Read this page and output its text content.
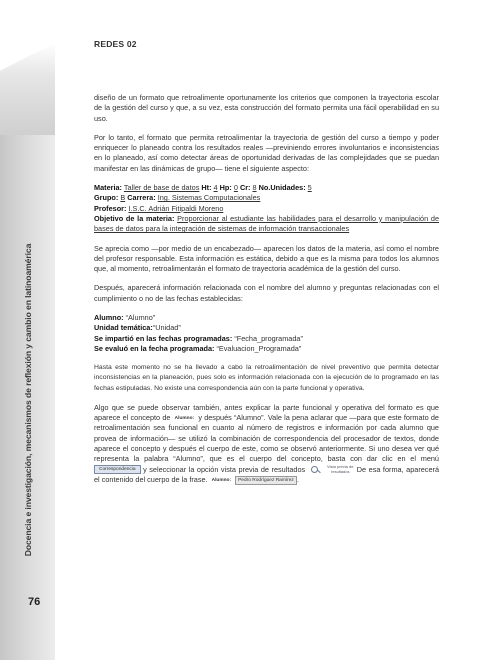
Docencia e investigación, mecanismos de reflexión y cambio en latinoamérica
76
REDES 02

diseño de un formato que retroalimente oportunamente los criterios que componen la trayectoria escolar de la gestión del curso y que, a su vez, esta construcción del formato permita una fácil operabilidad en su uso.

Por lo tanto, el formato que permita retroalimentar la trayectoria de gestión del curso a tiempo y poder enriquecer lo planeado contra los resultados reales —previniendo errores involuntarios e inconsistencias en lo planeado, así como detectar áreas de oportunidad derivadas de las complejidades que se puedan manifestar en las dinámicas de grupo— tiene el siguiente aspecto:

Materia: Taller de base de datos Ht: 4 Hp: 0 Cr: 8 No.Unidades: 5

Grupo: B Carrera: Ing. Sistemas Computacionales

Profesor: I.S.C. Adrián Fitipaldi Moreno

Objetivo de la materia: Proporcionar al estudiante las habilidades para el desarrollo y manipulación de bases de datos para la integración de sistemas de información transaccionales

Se aprecia como —por medio de un encabezado— aparecen los datos de la materia, así como el nombre del profesor responsable. Esta información es estática, debido a que es la misma para todos los alumnos que, al momento, retroalimentarán el formato de trayectoria académica de la gestión del curso.

Después, aparecerá información relacionada con el nombre del alumno y preguntas relacionadas con el cumplimiento o no de las fechas establecidas:

Alumno: “Alumno”

Unidad temática:“Unidad”

Se impartió en las fechas programadas: “Fecha_programada”

Se evaluó en la fecha programada: “Evaluacion_Programada”

Hasta este momento no se ha llevado a cabo la retroalimentación de nivel preventivo que permita detectar inconsistencias en la planeación, pues solo es información relacionada con la ejecución de lo programado en las fechas estipuladas. No existe una correspondencia aún con la parte funcional y operativa.

Algo que se puede observar también, antes explicar la parte funcional y operativa del formato es que aparece el concepto de Alumno: y después “Alumno”. Vale la pena aclarar que —para que este formato de retroalimentación sea funcional en cuanto al número de registros e información por cada alumno que provea de información— se utilizó la combinación de correspondencia del procesador de textos, donde aparece el concepto y después el cuerpo de este, como se observó anteriormente. Si uno desea ver qué representa la palabra “Alumno”, que es el cuerpo del concepto, basta con dar clic en el menú Correspondencia y seleccionar la opción vista previa de resultados	Vista previa de resultados De esa forma, aparecerá el contenido del cuerpo de la frase. Alumno: Pedro Rodríguez Ramírez .
